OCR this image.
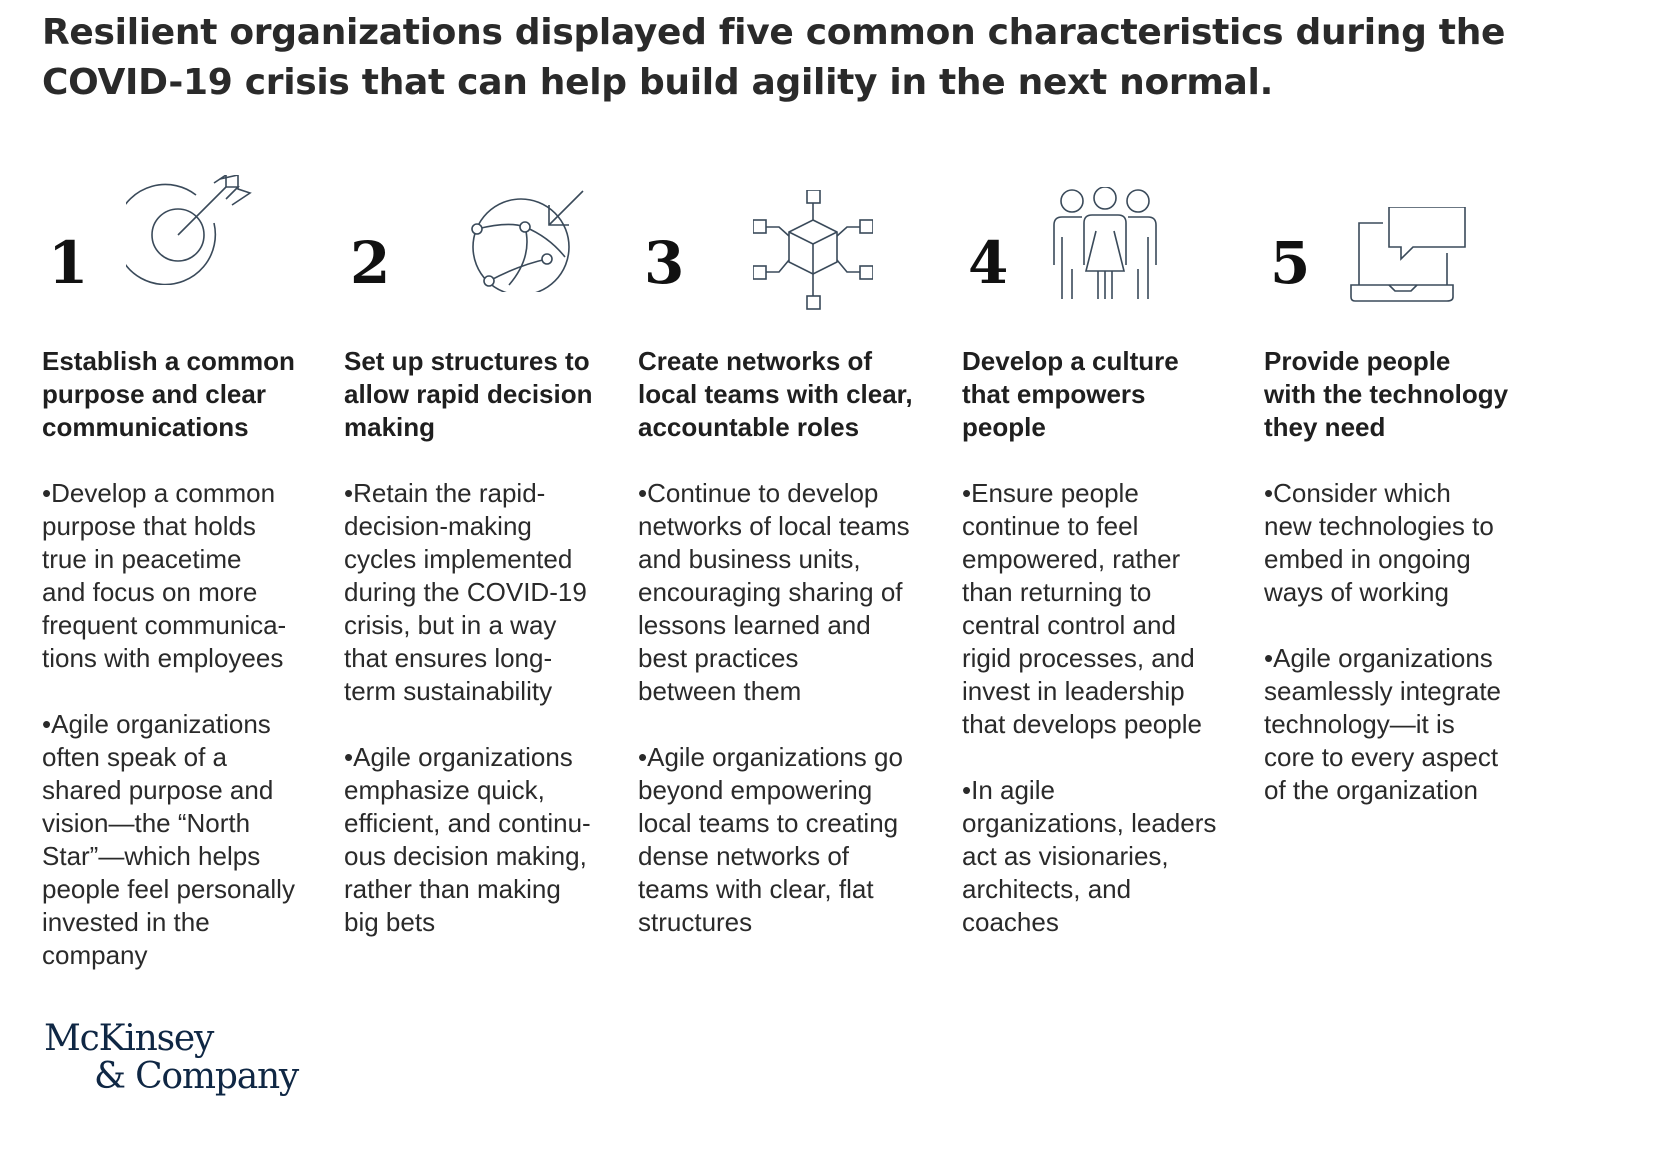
Resilient organizations displayed five common characteristics during the
COVID-19 crisis that can help build agility in the next normal.
1
Establish a common
purpose and clear
communications
•Develop a common
purpose that holds
true in peacetime
and focus on more
frequent communica-
tions with employees
•Agile organizations
often speak of a
shared purpose and
vision—the “North
Star”—which helps
people feel personally
invested in the
company
2
Set up structures to
allow rapid decision
making
•Retain the rapid-
decision-making
cycles implemented
during the COVID-19
crisis, but in a way
that ensures long-
term sustainability
•Agile organizations
emphasize quick,
efficient, and continu-
ous decision making,
rather than making
big bets
3
Create networks of
local teams with clear,
accountable roles
•Continue to develop
networks of local teams
and business units,
encouraging sharing of
lessons learned and
best practices
between them
•Agile organizations go
beyond empowering
local teams to creating
dense networks of
teams with clear, flat
structures
4
Develop a culture
that empowers
people
•Ensure people
continue to feel
empowered, rather
than returning to
central control and
rigid processes, and
invest in leadership
that develops people
•In agile
organizations, leaders
act as visionaries,
architects, and
coaches
5
Provide people
with the technology
they need
•Consider which
new technologies to
embed in ongoing
ways of working
•Agile organizations
seamlessly integrate
technology—it is
core to every aspect
of the organization
McKinsey
& Company
